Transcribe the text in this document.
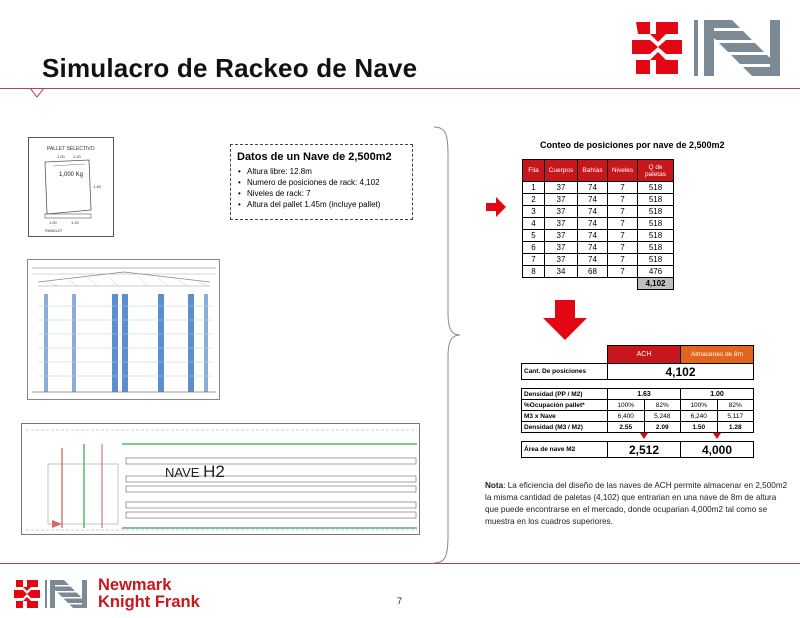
Simulacro de Rackeo de Nave
PALLET SELECTIVO
1.00 1.20
1,000 Kg
1.45
1.00	1.20
PANDUIT
NAVE H2
Datos de un Nave de 2,500m2
• Altura libre: 12.8m
• Numero de posiciones de rack: 4,102
• Niveles de rack: 7
• Altura del pallet 1.45m (incluye pallet)
Conteo de posiciones por nave de 2,500m2
Fila	Cuerpos	Bahías	Niveles	Q de paletas
1	37	74	7	518
2	37	74	7	518
3	37	74	7	518
4	37	74	7	518
5	37	74	7	518
6	37	74	7	518
7	37	74	7	518
8	34	68	7	476
				4,102
	ACH		Almacenes de 8m	
Cant. De posiciones	4,102			

Densidad (PP / M2)	1.63		1.00	
%Ocupación pallet*	100%	82%	100%	82%
M3 x Nave	6,400	5,248	6,240	5,117
Densidad (M3 / M2)	2.55	2.09	1.50	1.28

Área de nave M2	2,512		4,000	
Nota: La eficiencia del diseño de las naves de ACH permite almacenar en 2,500m2 la misma cantidad de paletas (4,102) que entrarian en una nave de 8m de altura que puede encontrarse en el mercado, donde ocuparian 4,000m2 tal como se muestra en los cuadros superiores.
Newmark
Knight Frank	7
